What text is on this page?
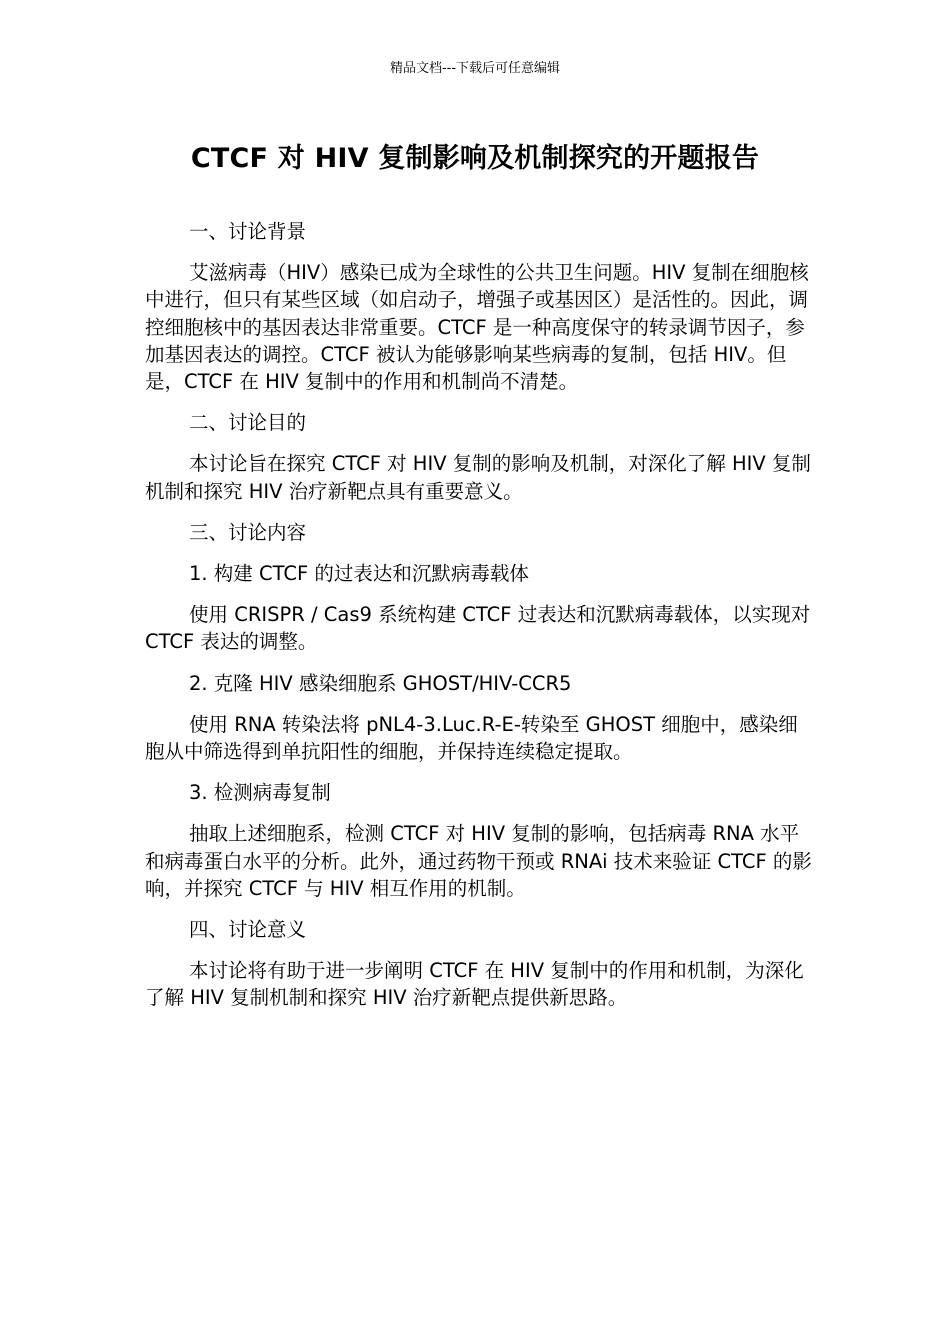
精品文档---下载后可任意编辑
CTCF 对 HIV 复制影响及机制探究的开题报告
一、讨论背景
艾滋病毒（HIV）感染已成为全球性的公共卫生问题。HIV 复制在细胞核中进行，但只有某些区域（如启动子，增强子或基因区）是活性的。因此，调控细胞核中的基因表达非常重要。CTCF 是一种高度保守的转录调节因子，参加基因表达的调控。CTCF 被认为能够影响某些病毒的复制，包括 HIV。但是，CTCF 在 HIV 复制中的作用和机制尚不清楚。
二、讨论目的
本讨论旨在探究 CTCF 对 HIV 复制的影响及机制，对深化了解 HIV 复制机制和探究 HIV 治疗新靶点具有重要意义。
三、讨论内容
1. 构建 CTCF 的过表达和沉默病毒载体
使用 CRISPR / Cas9 系统构建 CTCF 过表达和沉默病毒载体，以实现对 CTCF 表达的调整。
2. 克隆 HIV 感染细胞系 GHOST/HIV-CCR5
使用 RNA 转染法将 pNL4-3.Luc.R-E-转染至 GHOST 细胞中，感染细胞从中筛选得到单抗阳性的细胞，并保持连续稳定提取。
3. 检测病毒复制
抽取上述细胞系，检测 CTCF 对 HIV 复制的影响，包括病毒 RNA 水平和病毒蛋白水平的分析。此外，通过药物干预或 RNAi 技术来验证 CTCF 的影响，并探究 CTCF 与 HIV 相互作用的机制。
四、讨论意义
本讨论将有助于进一步阐明 CTCF 在 HIV 复制中的作用和机制，为深化了解 HIV 复制机制和探究 HIV 治疗新靶点提供新思路。
